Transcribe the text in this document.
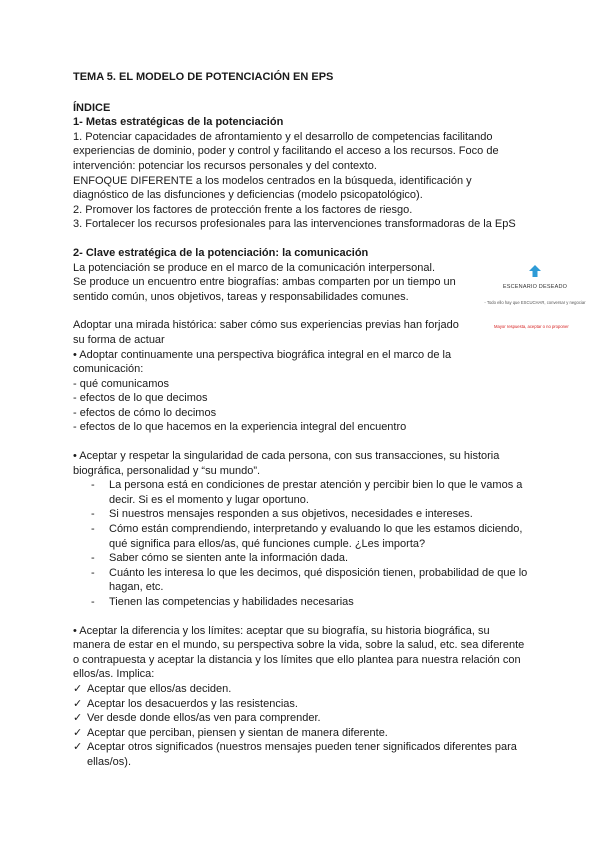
TEMA 5. EL MODELO DE POTENCIACIÓN EN EPS
ÍNDICE
1- Metas estratégicas de la potenciación

1. Potenciar capacidades de afrontamiento y el desarrollo de competencias facilitando

experiencias de dominio, poder y control y facilitando el acceso a los recursos. Foco de

intervención: potenciar los recursos personales y del contexto.

ENFOQUE DIFERENTE a los modelos centrados en la búsqueda, identificación y

diagnóstico de las disfunciones y deficiencias (modelo psicopatológico).

2. Promover los factores de protección frente a los factores de riesgo.

3. Fortalecer los recursos profesionales para las intervenciones transformadoras de la EpS

2- Clave estratégica de la potenciación: la comunicación

La potenciación se produce en el marco de la comunicación interpersonal.

Se produce un encuentro entre biografías: ambas comparten por un tiempo un

sentido común, unos objetivos, tareas y responsabilidades comunes.

Adoptar una mirada histórica: saber cómo sus experiencias previas han forjado

su forma de actuar

• Adoptar continuamente una perspectiva biográfica integral en el marco de la

comunicación:

- qué comunicamos

- efectos de lo que decimos

- efectos de cómo lo decimos

- efectos de lo que hacemos en la experiencia integral del encuentro

• Aceptar y respetar la singularidad de cada persona, con sus transacciones, su historia

biográfica, personalidad y “su mundo”.

- La persona está en condiciones de prestar atención y percibir bien lo que le vamos a decir. Si es el momento y lugar oportuno.
- Si nuestros mensajes responden a sus objetivos, necesidades e intereses.
- Cómo están comprendiendo, interpretando y evaluando lo que les estamos diciendo, qué significa para ellos/as, qué funciones cumple. ¿Les importa?
- Saber cómo se sienten ante la información dada.
- Cuánto les interesa lo que les decimos, qué disposición tienen, probabilidad de que lo hagan, etc.
- Tienen las competencias y habilidades necesarias

• Aceptar la diferencia y los límites: aceptar que su biografía, su historia biográfica, su

manera de estar en el mundo, su perspectiva sobre la vida, sobre la salud, etc. sea diferente

o contrapuesta y aceptar la distancia y los límites que ello plantea para nuestra relación con

ellos/as. Implica:

✓ Aceptar que ellos/as deciden.
✓ Aceptar los desacuerdos y las resistencias.
✓ Ver desde donde ellos/as ven para comprender.
✓ Aceptar que perciban, piensen y sientan de manera diferente.
✓ Aceptar otros significados (nuestros mensajes pueden tener significados diferentes para ellas/os).
ESCENARIO DESEADO
- Todo ello hay que ESCUCHAR, conversar y negociar
Mayor respuesta, aceptar o no proponer
